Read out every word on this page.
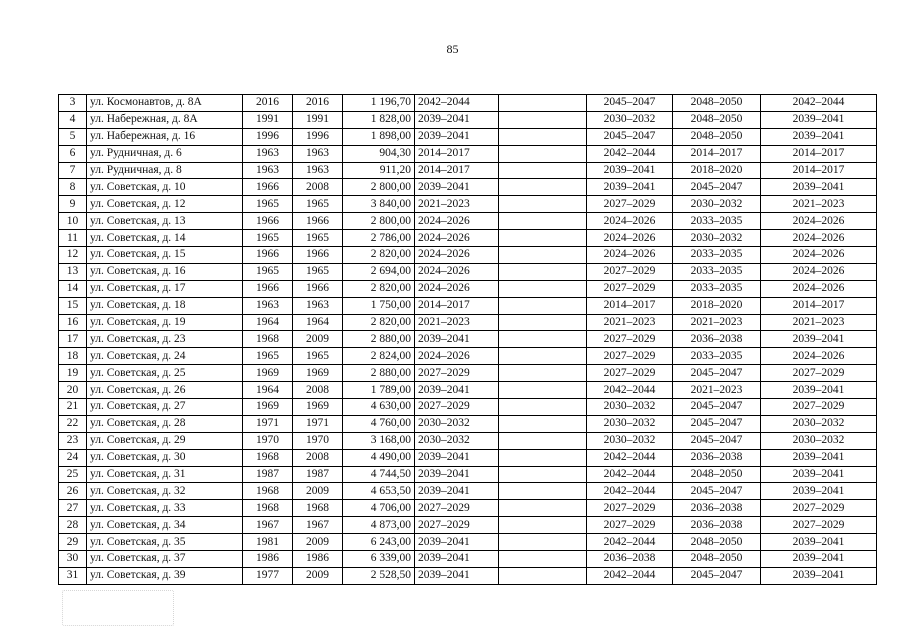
85
3	ул. Космонавтов, д. 8А	2016	2016	1 196,70	2042–2044		2045–2047	2048–2050	2042–2044
4	ул. Набережная, д. 8А	1991	1991	1 828,00	2039–2041		2030–2032	2048–2050	2039–2041
5	ул. Набережная, д. 16	1996	1996	1 898,00	2039–2041		2045–2047	2048–2050	2039–2041
6	ул. Рудничная, д. 6	1963	1963	904,30	2014–2017		2042–2044	2014–2017	2014–2017
7	ул. Рудничная, д. 8	1963	1963	911,20	2014–2017		2039–2041	2018–2020	2014–2017
8	ул. Советская, д. 10	1966	2008	2 800,00	2039–2041		2039–2041	2045–2047	2039–2041
9	ул. Советская, д. 12	1965	1965	3 840,00	2021–2023		2027–2029	2030–2032	2021–2023
10	ул. Советская, д. 13	1966	1966	2 800,00	2024–2026		2024–2026	2033–2035	2024–2026
11	ул. Советская, д. 14	1965	1965	2 786,00	2024–2026		2024–2026	2030–2032	2024–2026
12	ул. Советская, д. 15	1966	1966	2 820,00	2024–2026		2024–2026	2033–2035	2024–2026
13	ул. Советская, д. 16	1965	1965	2 694,00	2024–2026		2027–2029	2033–2035	2024–2026
14	ул. Советская, д. 17	1966	1966	2 820,00	2024–2026		2027–2029	2033–2035	2024–2026
15	ул. Советская, д. 18	1963	1963	1 750,00	2014–2017		2014–2017	2018–2020	2014–2017
16	ул. Советская, д. 19	1964	1964	2 820,00	2021–2023		2021–2023	2021–2023	2021–2023
17	ул. Советская, д. 23	1968	2009	2 880,00	2039–2041		2027–2029	2036–2038	2039–2041
18	ул. Советская, д. 24	1965	1965	2 824,00	2024–2026		2027–2029	2033–2035	2024–2026
19	ул. Советская, д. 25	1969	1969	2 880,00	2027–2029		2027–2029	2045–2047	2027–2029
20	ул. Советская, д. 26	1964	2008	1 789,00	2039–2041		2042–2044	2021–2023	2039–2041
21	ул. Советская, д. 27	1969	1969	4 630,00	2027–2029		2030–2032	2045–2047	2027–2029
22	ул. Советская, д. 28	1971	1971	4 760,00	2030–2032		2030–2032	2045–2047	2030–2032
23	ул. Советская, д. 29	1970	1970	3 168,00	2030–2032		2030–2032	2045–2047	2030–2032
24	ул. Советская, д. 30	1968	2008	4 490,00	2039–2041		2042–2044	2036–2038	2039–2041
25	ул. Советская, д. 31	1987	1987	4 744,50	2039–2041		2042–2044	2048–2050	2039–2041
26	ул. Советская, д. 32	1968	2009	4 653,50	2039–2041		2042–2044	2045–2047	2039–2041
27	ул. Советская, д. 33	1968	1968	4 706,00	2027–2029		2027–2029	2036–2038	2027–2029
28	ул. Советская, д. 34	1967	1967	4 873,00	2027–2029		2027–2029	2036–2038	2027–2029
29	ул. Советская, д. 35	1981	2009	6 243,00	2039–2041		2042–2044	2048–2050	2039–2041
30	ул. Советская, д. 37	1986	1986	6 339,00	2039–2041		2036–2038	2048–2050	2039–2041
31	ул. Советская, д. 39	1977	2009	2 528,50	2039–2041		2042–2044	2045–2047	2039–2041
